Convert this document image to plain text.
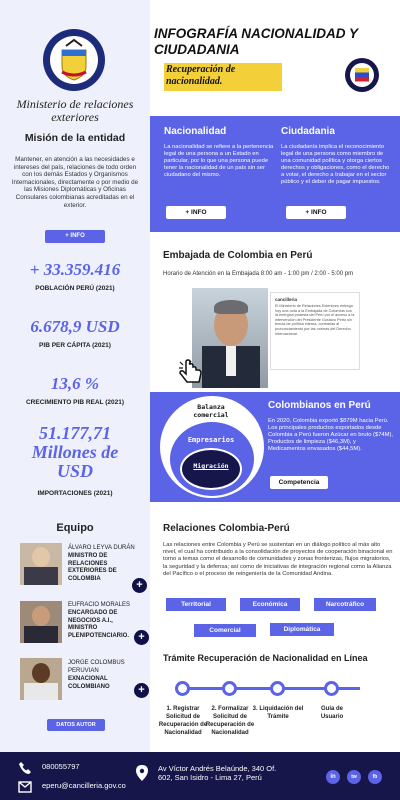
Ministerio de relaciones exteriores
Misión de la entidad
Mantener, en atención a las necesidades e intereses del país, relaciones de todo orden con los demás Estados y Organismos Internacionales, directamente o por medio de las Misiones Diplomáticas y Oficinas Consulares colombianas acreditadas en el exterior.
+ INFO
+ 33.359.416
POBLACIÓN PERÚ (2021)
6.678,9 USD
PIB PER CÁPITA (2021)
13,6 %
CRECIMIENTO PIB REAL (2021)
51.177,71 Millones de USD
IMPORTACIONES (2021)
Equipo
ÁLVARO LEYVA DURÁN
MINISTRO DE RELACIONES EXTERIORES DE COLOMBIA
+
EUFRACIO MORALES
ENCARGADO DE NEGOCIOS A.I., MINISTRO PLENIPOTENCIARIO. +
JORGE COLOMBUS PERUVIAN
EXNACIONAL COLOMBIANO	+
DATOS AUTOR
INFOGRAFÍA NACIONALIDAD Y CIUDADANIA
Recuperación de nacionalidad.
Nacionalidad
La nacionalidad se refiere a la pertenencia legal de una persona a un Estado en particular, por lo que una persona puede tener la nacionalidad de un país sin ser ciudadano del mismo.
+ INFO
Ciudadania
La ciudadanía implica el reconocimiento legal de una persona como miembro de una comunidad política y otorga ciertos derechos y obligaciones, como el derecho a votar, el derecho a trabajar en el sector público y el deber de pagar impuestos.
+ INFO
Embajada de Colombia en Perú
Horario de Atención en la Embajada 8:00 am - 1:00 pm / 2:00 - 5:00 pm
cancilleria
El Ministerio de Relaciones Exteriores entregó hoy una nota a la Embajada de Colombia con la enérgica protesta del Perú por el acceso a la intervención del Presidente Gustavo Petro sin temas de política interna, contrarias al pronunciamiento por las normas del Derecho Internacional.
Balanza comercial
Empresarios
Migración
Colombianos en Perú
En 2020, Colombia exportó $879M hacia Perú. Los principales productos exportados desde Colombia a Perú fueron Azúcar en bruto ($74M), Productos de limpieza ($46,3M), y Medicamentos envasados ($44,5M).
Competencia
Relaciones Colombia-Perú
Las relaciones entre Colombia y Perú se sustentan en un diálogo político al más alto nivel, el cual ha contribuido a la consolidación de proyectos de cooperación binacional en torno a temas como el desarrollo de comunidades y zonas fronterizas, flujos migratorios, la seguridad y la defensa; así como de iniciativas de integración regional como la Alianza del Pacífico o el proceso de reingeniería de la Comunidad Andina.
Territorial	Económica	Narcotráfico
Comercial	Diplomática
Trámite Recuperación de Nacionalidad en Línea
1. Registrar Solicitud de Recuperación de Nacionalidad
2. Formalizar Solicitud de Recuperación de Nacionalidad
3. Liquidación del Trámite
Guía de Usuario
080055797
eperu@cancilleria.gov.co
Av Víctor Andrés Belaúnde, 340 Of. 602, San Isidro - Lima 27, Perú	in	tw	fb
